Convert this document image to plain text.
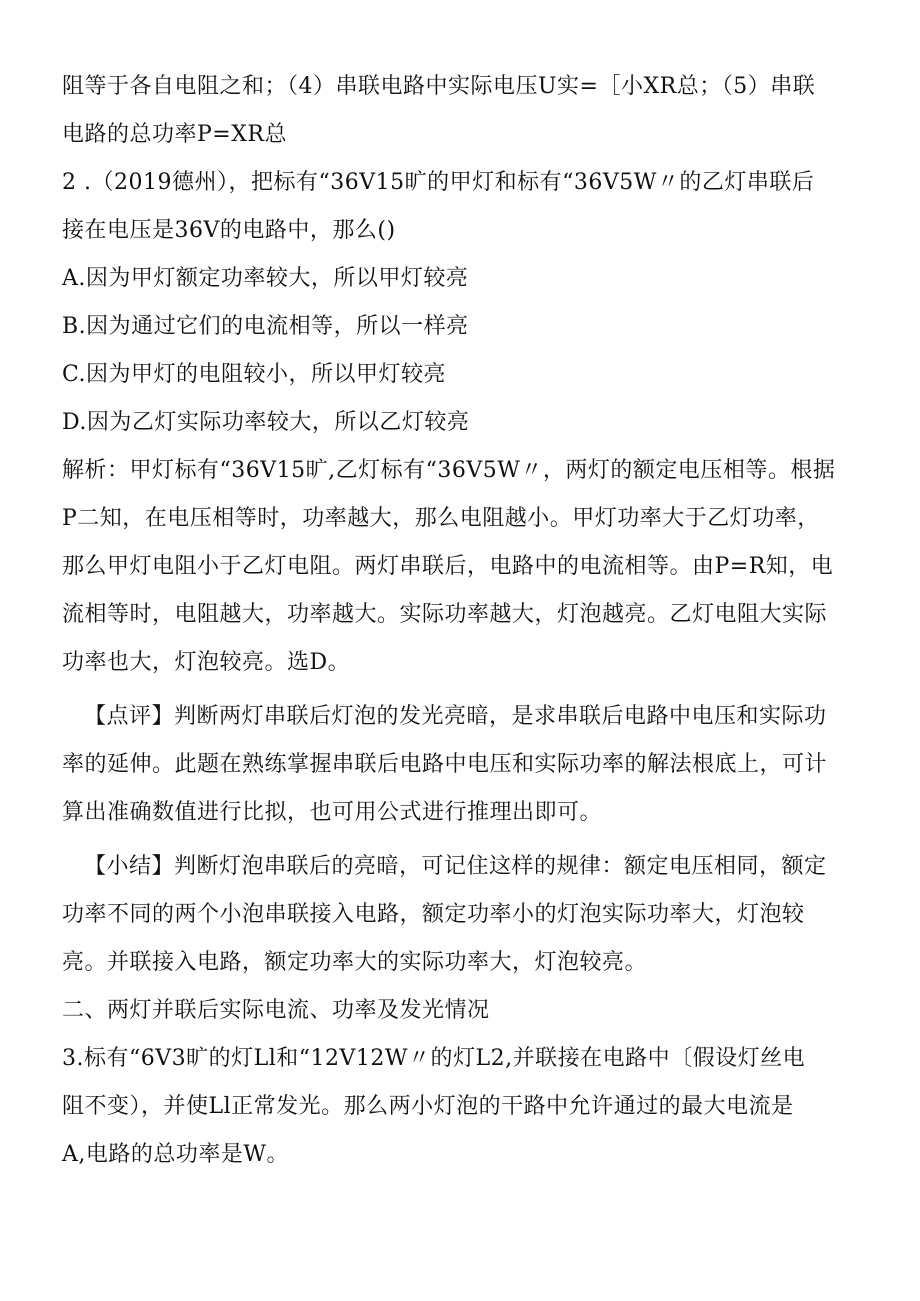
阻等于各自电阻之和；（4）串联电路中实际电压U实=［小XR总；（5）串联
电路的总功率P=XR总
2 .（2019德州），把标有“36V15旷的甲灯和标有“36V5W〃的乙灯串联后
接在电压是36V的电路中，那么()
A.因为甲灯额定功率较大，所以甲灯较亮
B.因为通过它们的电流相等，所以一样亮
C.因为甲灯的电阻较小，所以甲灯较亮
D.因为乙灯实际功率较大，所以乙灯较亮
解析：甲灯标有“36V15旷,乙灯标有“36V5W〃，两灯的额定电压相等。根据
P二知，在电压相等时，功率越大，那么电阻越小。甲灯功率大于乙灯功率，
那么甲灯电阻小于乙灯电阻。两灯串联后，电路中的电流相等。由P=R知，电
流相等时，电阻越大，功率越大。实际功率越大，灯泡越亮。乙灯电阻大实际
功率也大，灯泡较亮。选D。
【点评】判断两灯串联后灯泡的发光亮暗，是求串联后电路中电压和实际功
率的延伸。此题在熟练掌握串联后电路中电压和实际功率的解法根底上，可计
算出准确数值进行比拟，也可用公式进行推理出即可。
【小结】判断灯泡串联后的亮暗，可记住这样的规律：额定电压相同，额定
功率不同的两个小泡串联接入电路，额定功率小的灯泡实际功率大，灯泡较
亮。并联接入电路，额定功率大的实际功率大，灯泡较亮。
二、两灯并联后实际电流、功率及发光情况
3.标有“6V3旷的灯Ll和“12V12W〃的灯L2,并联接在电路中〔假设灯丝电
阻不变），并使Ll正常发光。那么两小灯泡的干路中允许通过的最大电流是
A,电路的总功率是W。
